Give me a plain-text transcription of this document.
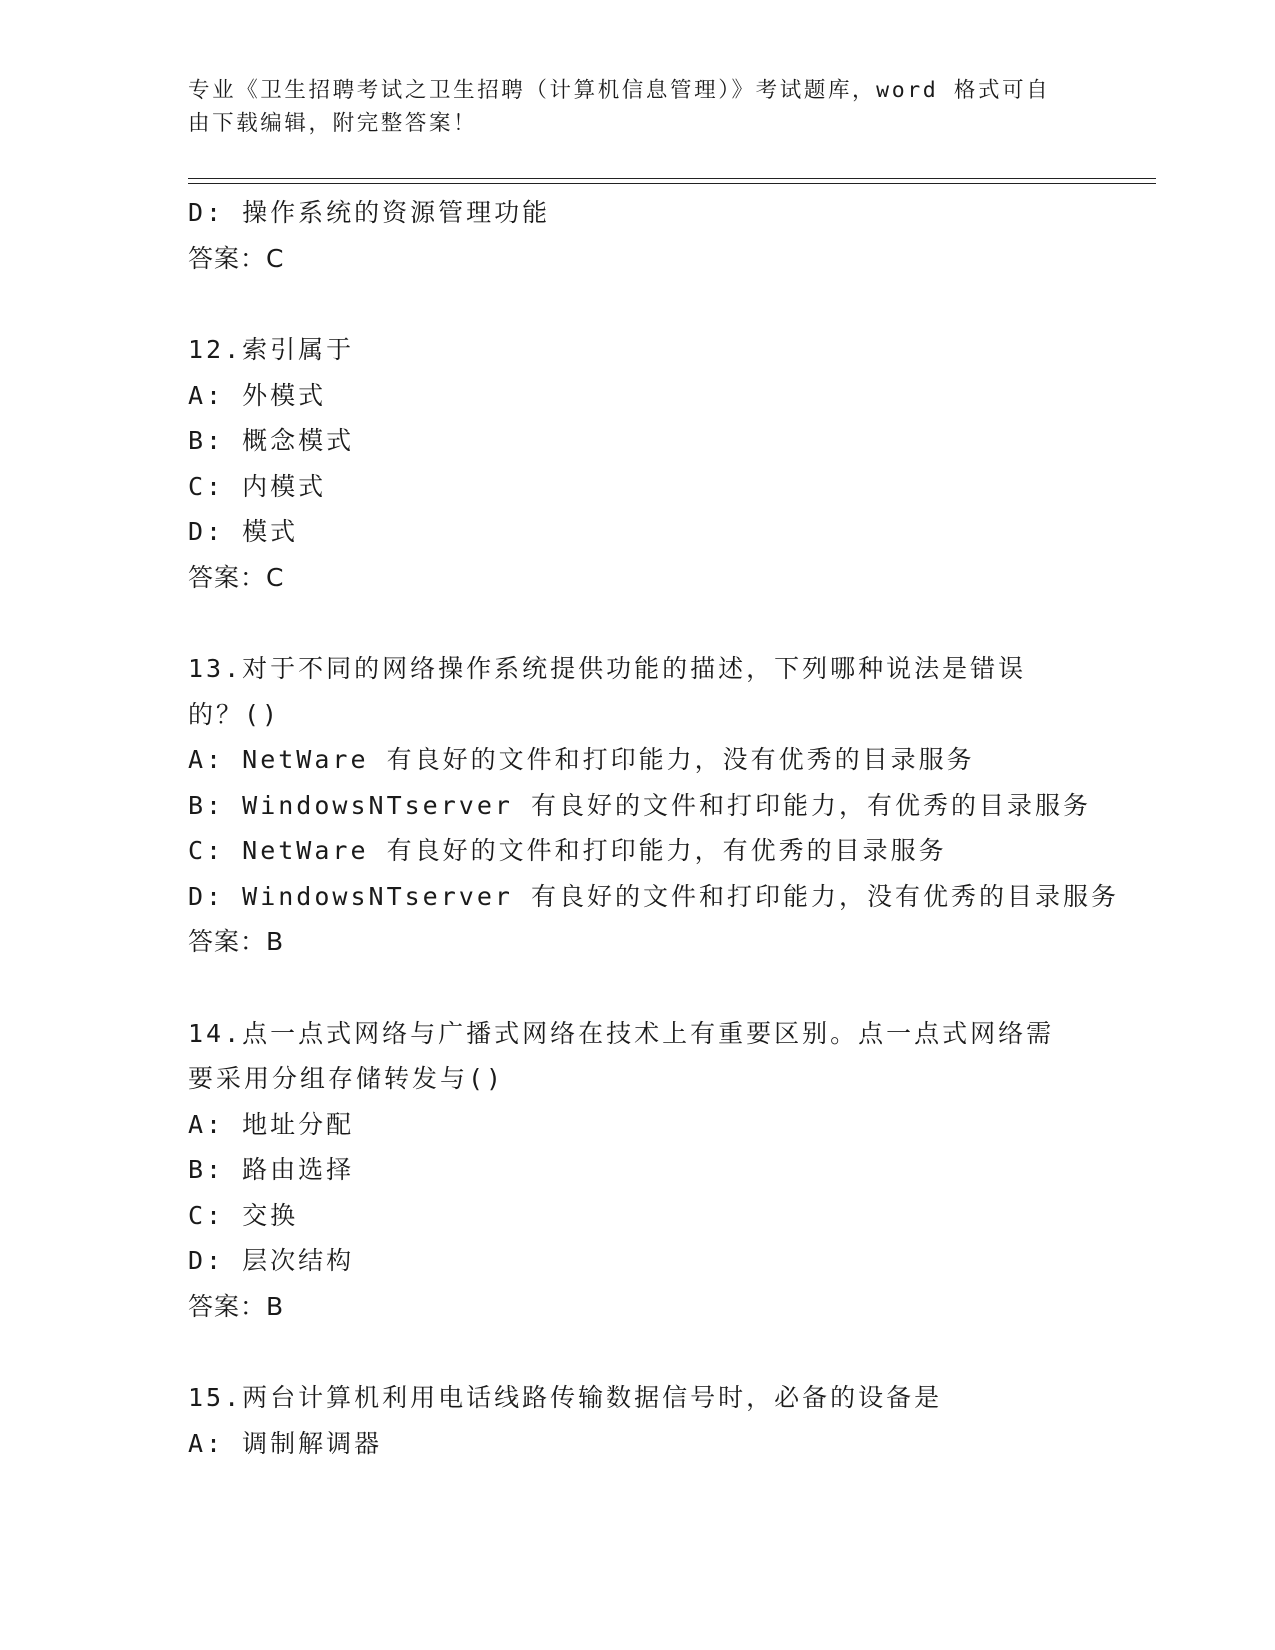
专业《卫生招聘考试之卫生招聘（计算机信息管理）》考试题库，word 格式可自由下载编辑，附完整答案！
D: 操作系统的资源管理功能
答案：C
12.索引属于
A: 外模式
B: 概念模式
C: 内模式
D: 模式
答案：C
13.对于不同的网络操作系统提供功能的描述，下列哪种说法是错误的？()
A: NetWare 有良好的文件和打印能力，没有优秀的目录服务
B: WindowsNTserver 有良好的文件和打印能力，有优秀的目录服务
C: NetWare 有良好的文件和打印能力，有优秀的目录服务
D: WindowsNTserver 有良好的文件和打印能力，没有优秀的目录服务
答案：B
14.点一点式网络与广播式网络在技术上有重要区别。点一点式网络需要采用分组存储转发与()
A: 地址分配
B: 路由选择
C: 交换
D: 层次结构
答案：B
15.两台计算机利用电话线路传输数据信号时，必备的设备是
A: 调制解调器
